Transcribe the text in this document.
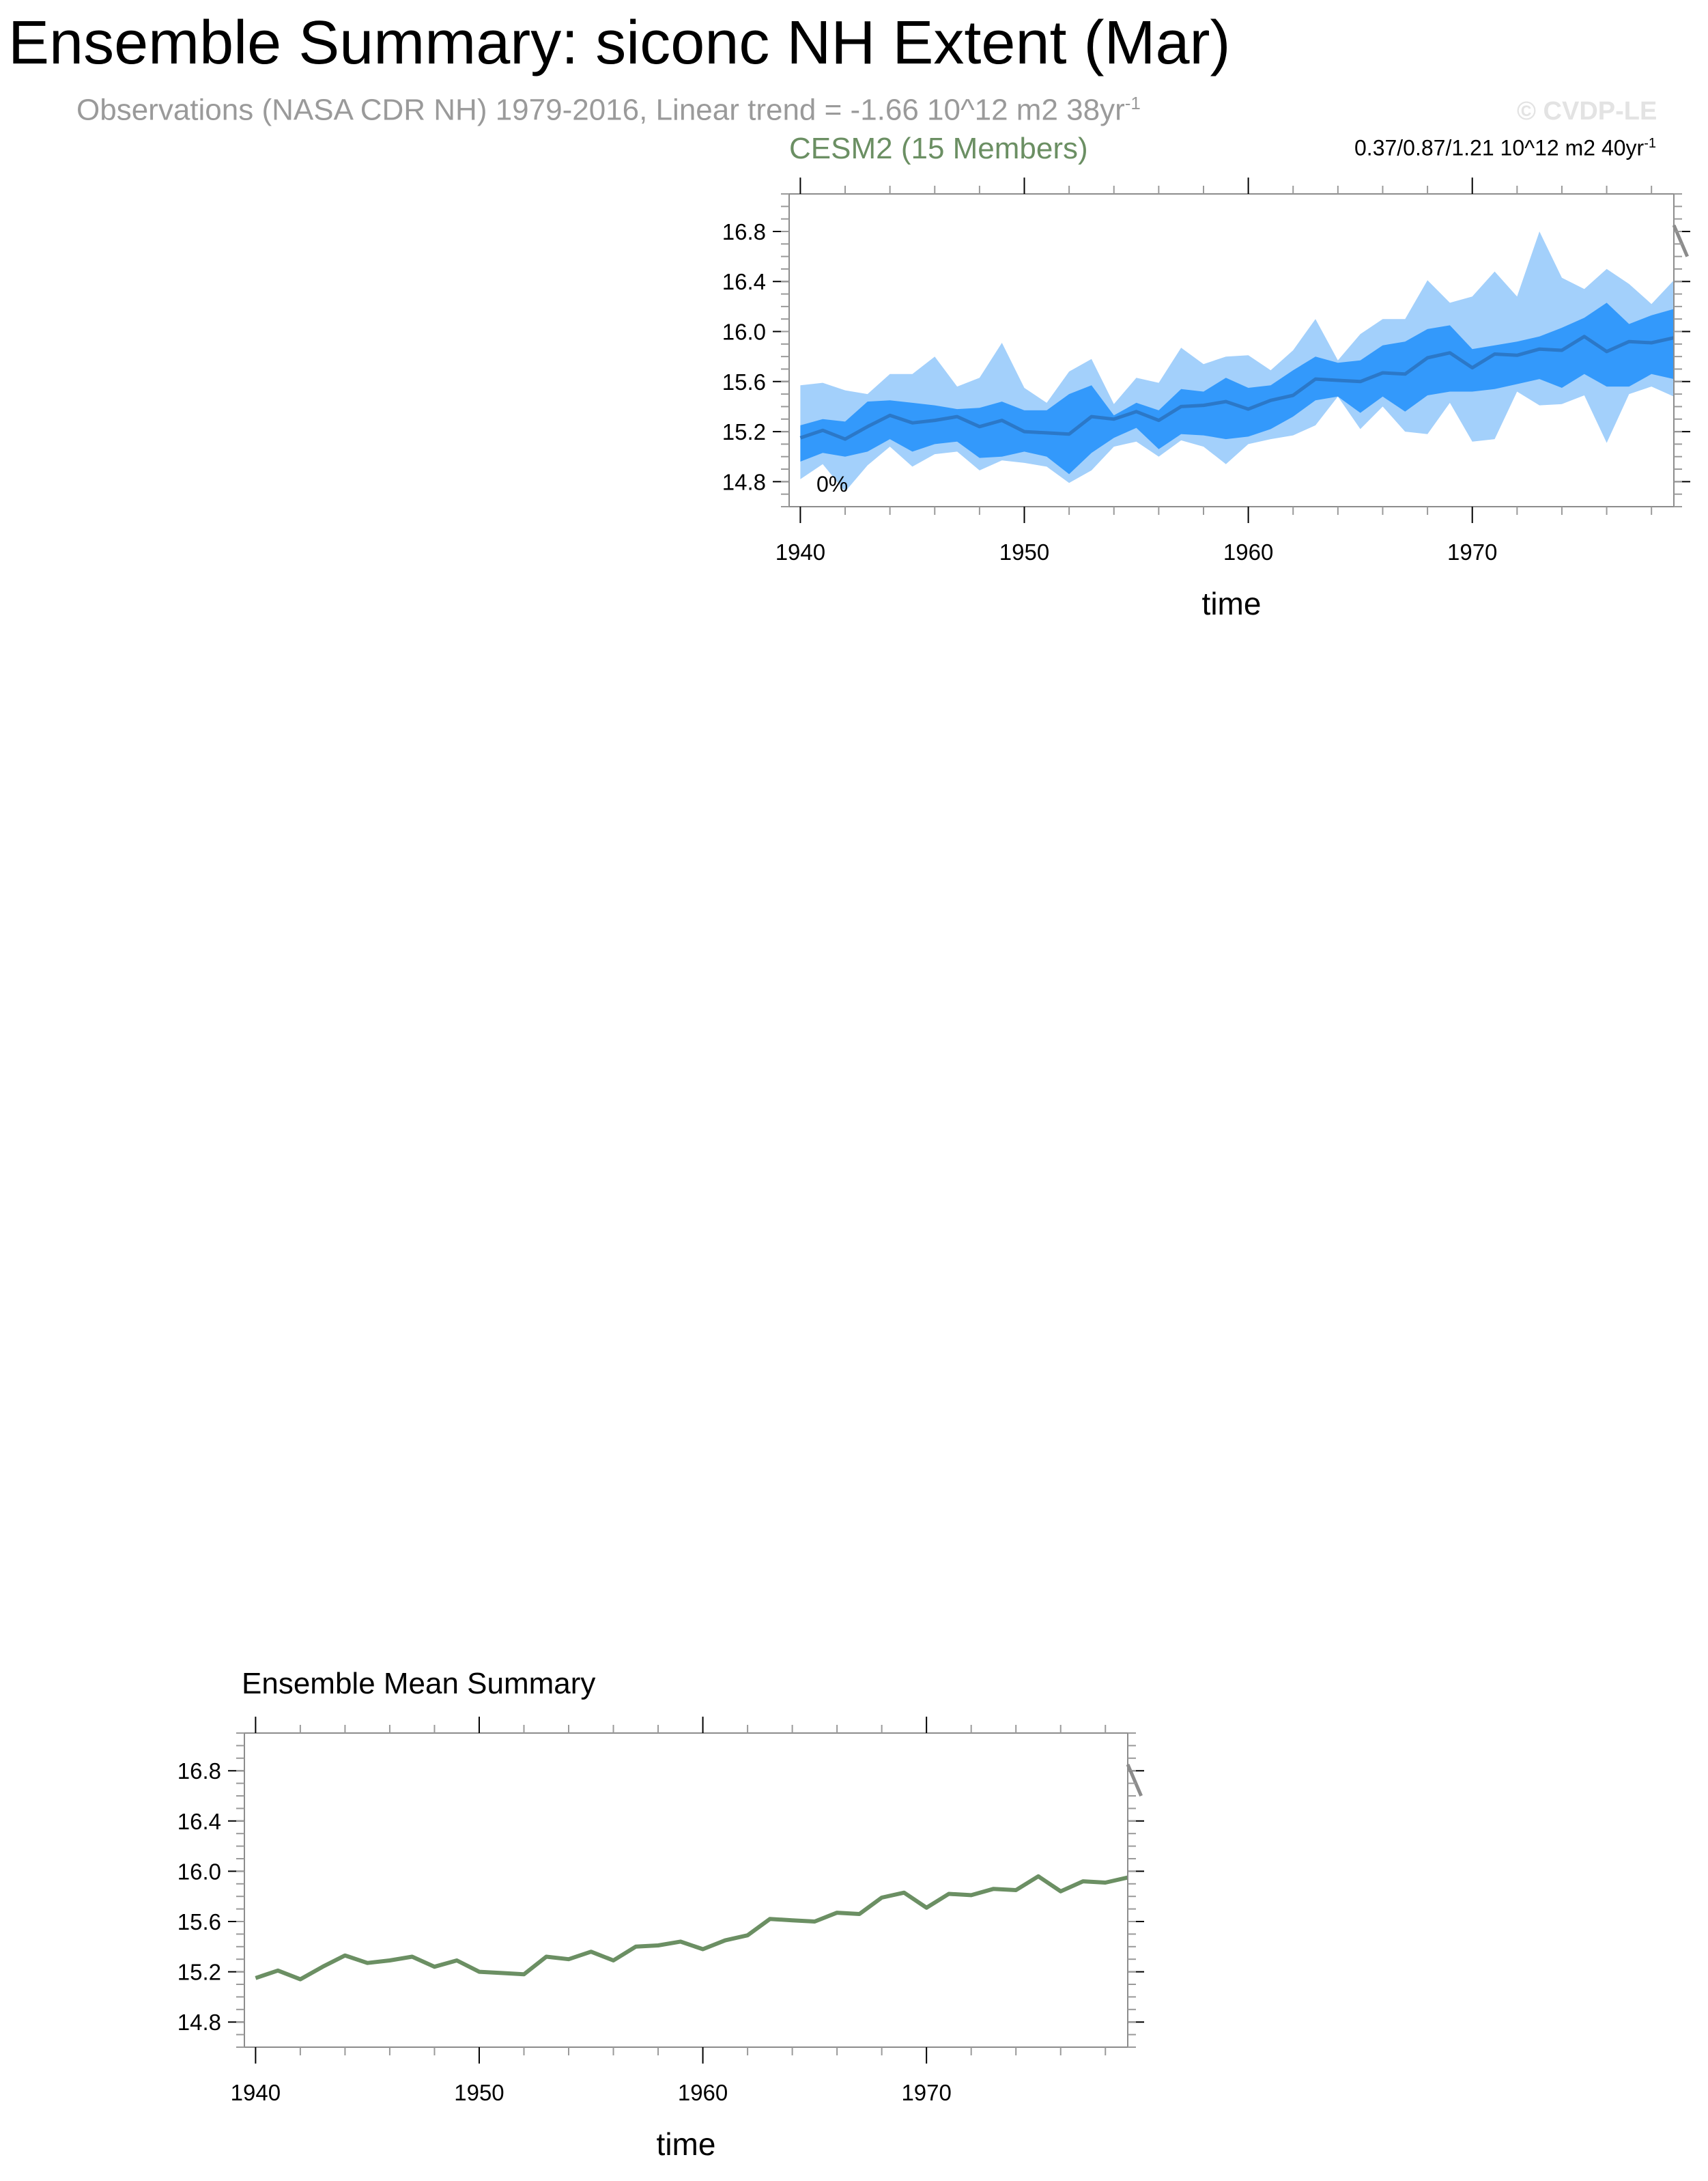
Ensemble Summary: siconc NH Extent (Mar)
Observations (NASA CDR NH) 1979-2016, Linear trend = -1.66 10^12 m2 $38yr^{-1}$	© CVDP-LE
CESM2 (15 Members)	0.37/0.87/1.21 10^12 m2 $40yr^{-1}$
Ensemble Mean Summary
1940	1950	1960	1970
14.8
15.2
15.6
16.0
16.4
16.8
time
0%
1940	1950	1960	1970
14.8
15.2
15.6
16.0
16.4
16.8
time
